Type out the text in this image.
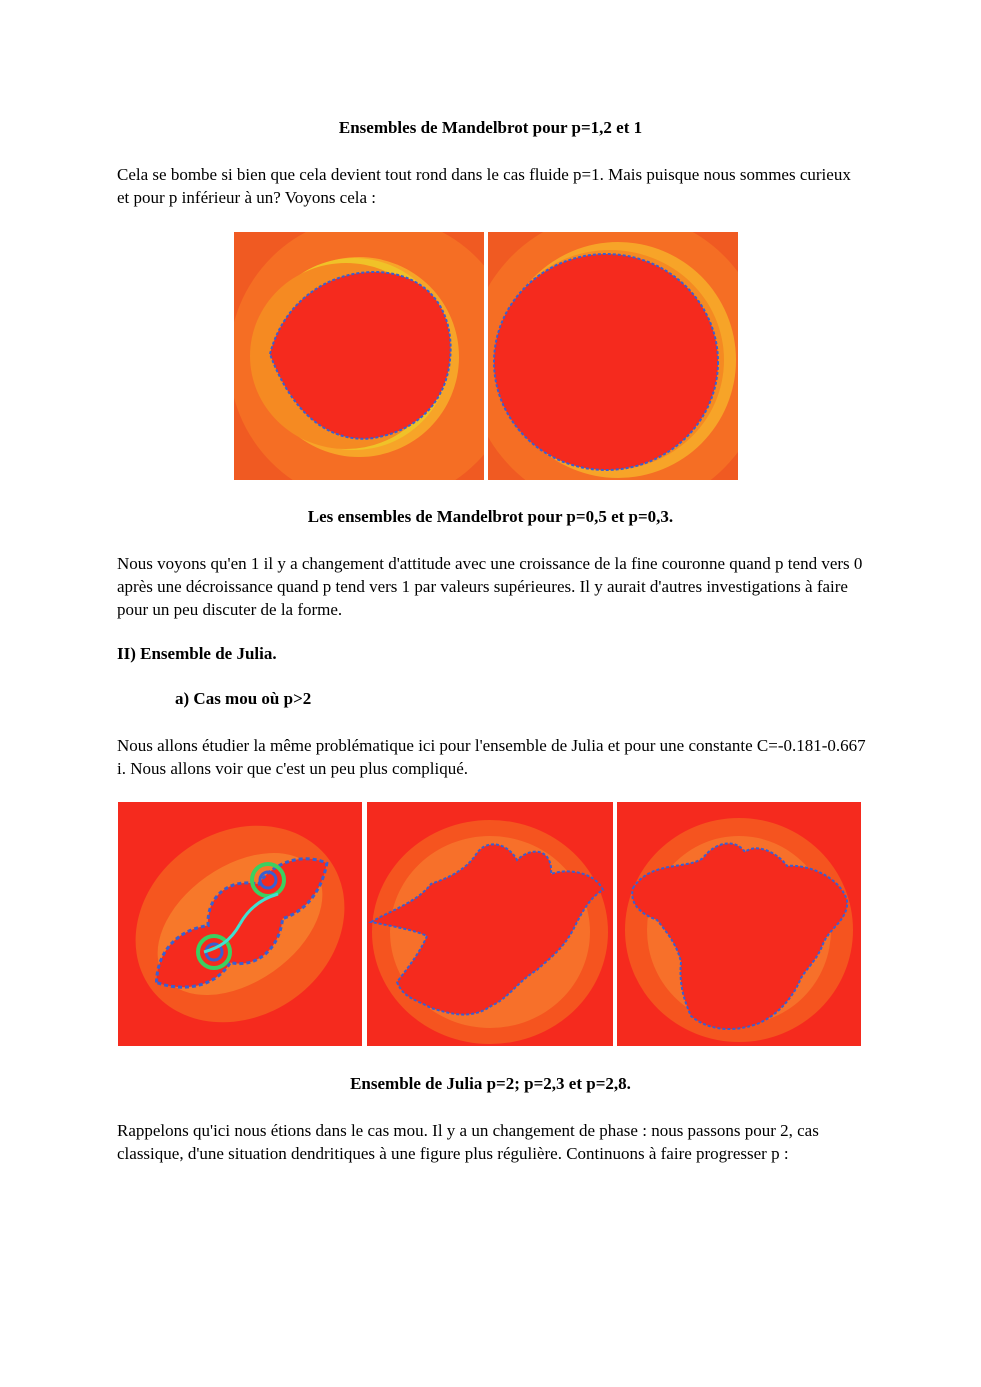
Ensembles de Mandelbrot pour p=1,2 et 1
Cela se bombe si bien que cela devient tout rond dans le cas fluide p=1. Mais puisque nous sommes curieux et pour p inférieur à un? Voyons cela :
Les ensembles de Mandelbrot pour p=0,5 et p=0,3.
Nous voyons qu'en 1 il y a changement d'attitude avec une croissance de la fine couronne quand p tend vers 0 après une décroissance quand p tend vers 1 par valeurs supérieures. Il y aurait d'autres investigations à faire pour un peu discuter de la forme.
II) Ensemble de Julia.
a) Cas mou où p>2
Nous allons étudier la même problématique ici pour l'ensemble de Julia et pour une constante C=-0.181-0.667 i. Nous allons voir que c'est un peu plus compliqué.
Ensemble de Julia p=2; p=2,3 et p=2,8.
Rappelons qu'ici nous étions dans le cas mou. Il y a un changement de phase : nous passons pour 2, cas classique, d'une situation dendritiques à une figure plus régulière. Continuons à faire progresser p :
